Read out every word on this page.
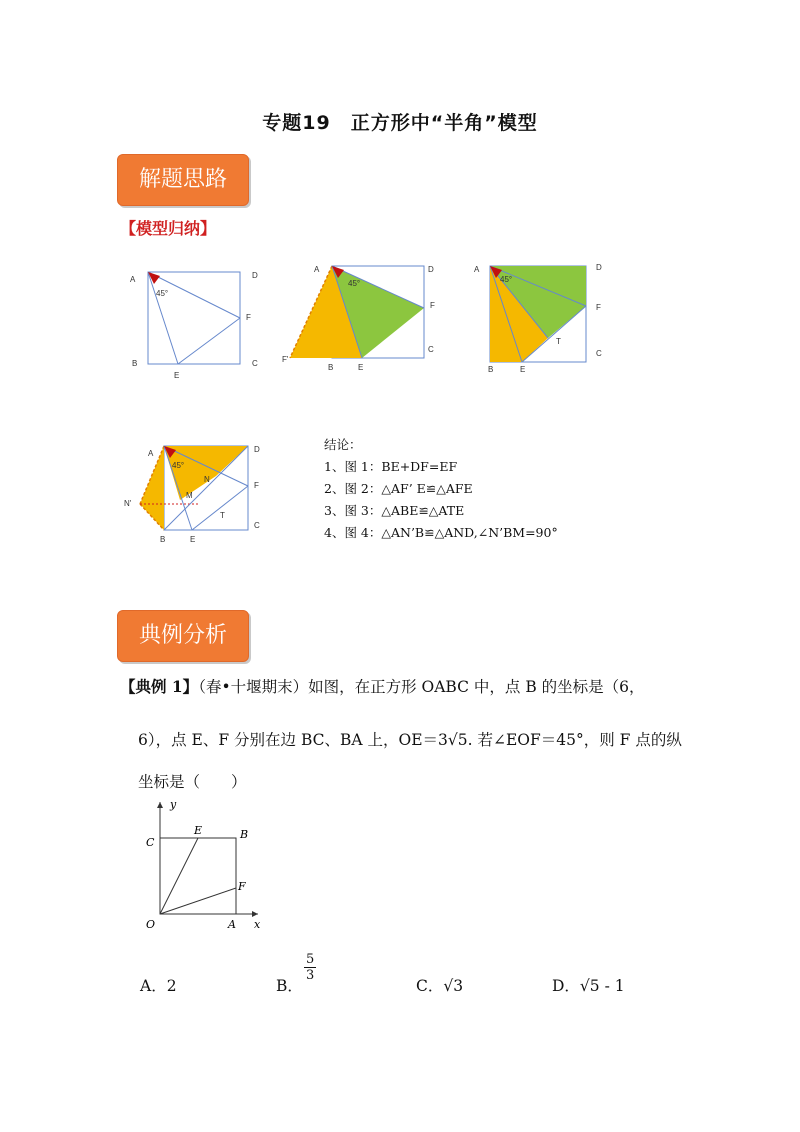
专题19　正方形中“半角”模型
解题思路
【模型归纳】
A	D
B	C
E
F
45°
A	D
B
C
E
F
F'
45°
A	D
B
C
E
F
T
45°
A	D
B
C
E
F
T
N
N'
M
45°
结论：
1、图 1：BE+DF=EF
2、图 2：△AF’ E≌△AFE
3、图 3：△ABE≌△ATE
4、图 4：△AN’B≌△AND,∠N’BM=90°
典例分析
【典例 1】（春•十堰期末）如图，在正方形 OABC 中，点 B 的坐标是（6，
6），点 E、F 分别在边 BC、BA 上，OE＝3√5. 若∠EOF＝45°，则 F 点的纵
坐标是（　　）
y
x
C
E	B
F
O	A
A．2	B．
$\frac{5}{3}$
C．√3	D．√5 - 1
